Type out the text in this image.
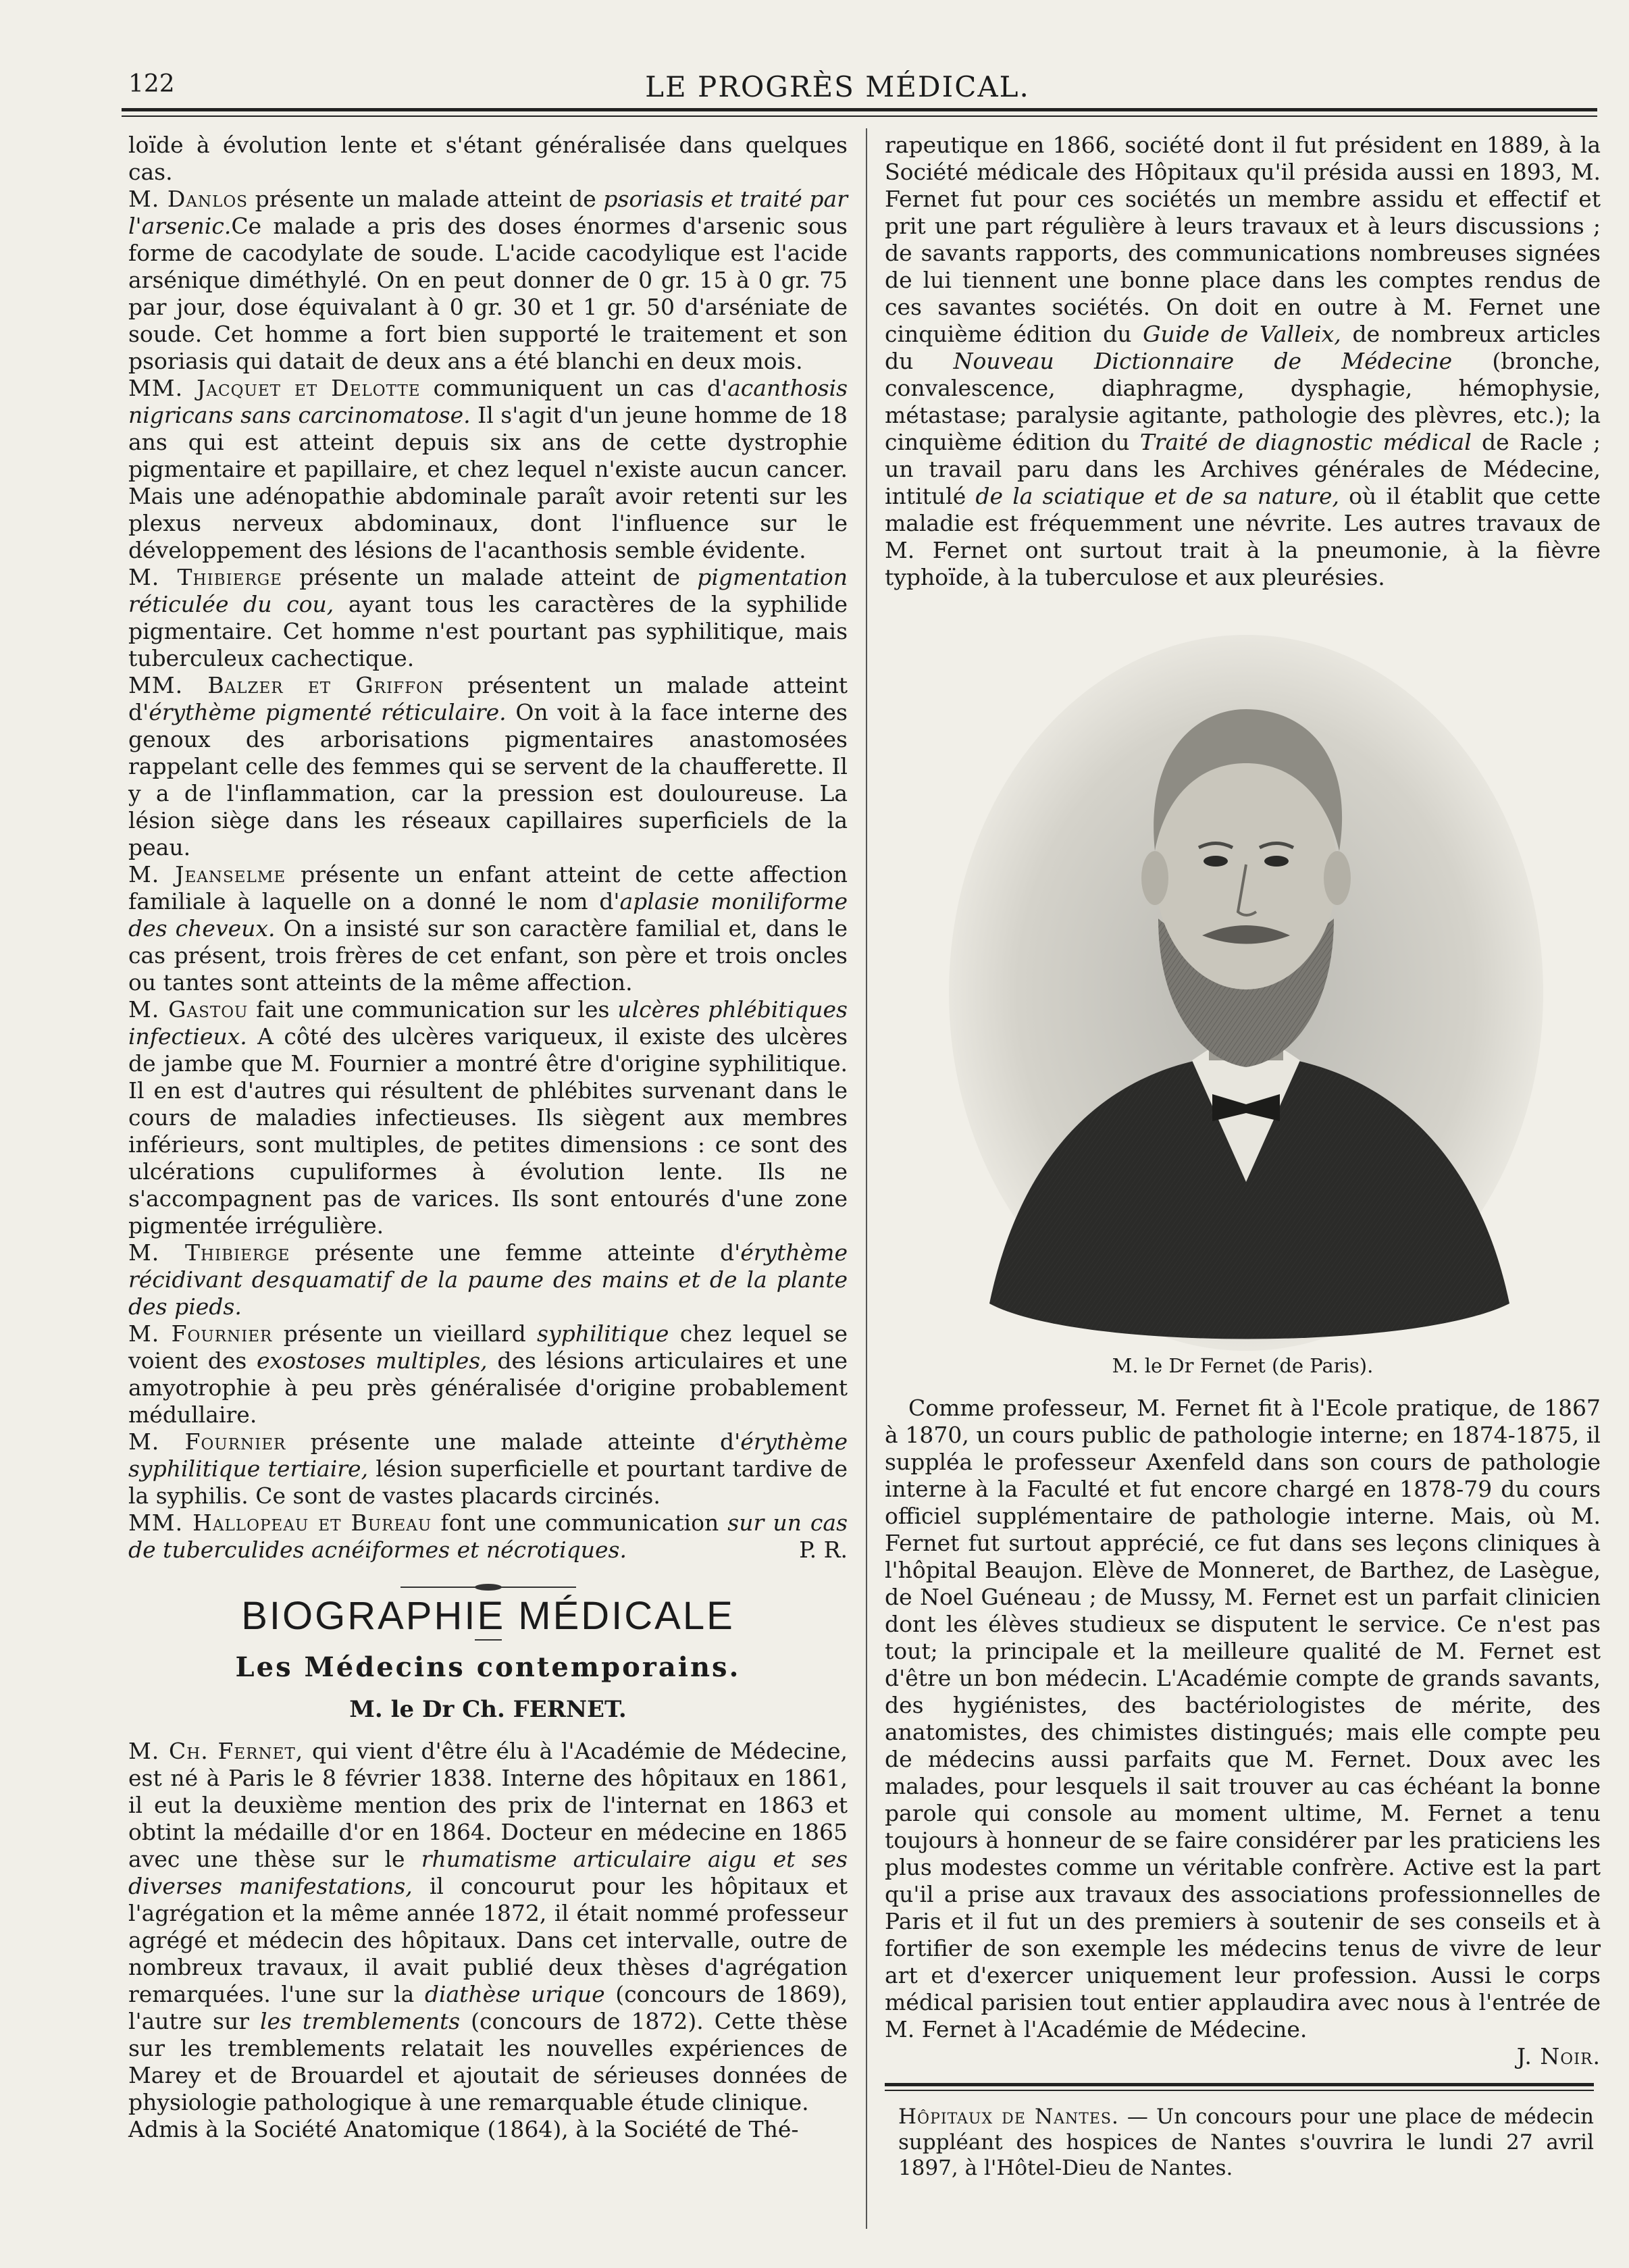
122	LE PROGRÈS MÉDICAL.

loïde à évolution lente et s'étant généralisée dans quelques cas.

M. Danlos présente un malade atteint de psoriasis et traité par l'arsenic.Ce malade a pris des doses énormes d'arsenic sous forme de cacodylate de soude. L'acide cacodylique est l'acide arsénique diméthylé. On en peut donner de 0 gr. 15 à 0 gr. 75 par jour, dose équivalant à 0 gr. 30 et 1 gr. 50 d'arséniate de soude. Cet homme a fort bien supporté le traitement et son psoriasis qui datait de deux ans a été blanchi en deux mois.

MM. Jacquet et Delotte communiquent un cas d'acanthosis nigricans sans carcinomatose. Il s'agit d'un jeune homme de 18 ans qui est atteint depuis six ans de cette dystrophie pigmentaire et papillaire, et chez lequel n'existe aucun cancer. Mais une adénopathie abdominale paraît avoir retenti sur les plexus nerveux abdominaux, dont l'influence sur le développement des lésions de l'acanthosis semble évidente.

M. Thibierge présente un malade atteint de pigmentation réticulée du cou, ayant tous les caractères de la syphilide pigmentaire. Cet homme n'est pourtant pas syphilitique, mais tuberculeux cachectique.

MM. Balzer et Griffon présentent un malade atteint d'érythème pigmenté réticulaire. On voit à la face interne des genoux des arborisations pigmentaires anastomosées rappelant celle des femmes qui se servent de la chaufferette. Il y a de l'inflammation, car la pression est douloureuse. La lésion siège dans les réseaux capillaires superficiels de la peau.

M. Jeanselme présente un enfant atteint de cette affection familiale à laquelle on a donné le nom d'aplasie moniliforme des cheveux. On a insisté sur son caractère familial et, dans le cas présent, trois frères de cet enfant, son père et trois oncles ou tantes sont atteints de la même affection.

M. Gastou fait une communication sur les ulcères phlébitiques infectieux. A côté des ulcères variqueux, il existe des ulcères de jambe que M. Fournier a montré être d'origine syphilitique. Il en est d'autres qui résultent de phlébites survenant dans le cours de maladies infectieuses. Ils siègent aux membres inférieurs, sont multiples, de petites dimensions : ce sont des ulcérations cupuliformes à évolution lente. Ils ne s'accompagnent pas de varices. Ils sont entourés d'une zone pigmentée irrégulière.

M. Thibierge présente une femme atteinte d'érythème récidivant desquamatif de la paume des mains et de la plante des pieds.

M. Fournier présente un vieillard syphilitique chez lequel se voient des exostoses multiples, des lésions articulaires et une amyotrophie à peu près généralisée d'origine probablement médullaire.

M. Fournier présente une malade atteinte d'érythème syphilitique tertiaire, lésion superficielle et pourtant tardive de la syphilis. Ce sont de vastes placards circinés.

MM. Hallopeau et Bureau font une communication sur un cas de tuberculides acnéiformes et nécrotiques.	P. R.

BIOGRAPHIE MÉDICALE
Les Médecins contemporains.
M. le Dr Ch. FERNET.

M. Ch. Fernet, qui vient d'être élu à l'Académie de Médecine, est né à Paris le 8 février 1838. Interne des hôpitaux en 1861, il eut la deuxième mention des prix de l'internat en 1863 et obtint la médaille d'or en 1864. Docteur en médecine en 1865 avec une thèse sur le rhumatisme articulaire aigu et ses diverses manifestations, il concourut pour les hôpitaux et l'agrégation et la même année 1872, il était nommé professeur agrégé et médecin des hôpitaux. Dans cet intervalle, outre de nombreux travaux, il avait publié deux thèses d'agrégation remarquées. l'une sur la diathèse urique (concours de 1869), l'autre sur les tremblements (concours de 1872). Cette thèse sur les tremblements relatait les nouvelles expériences de Marey et de Brouardel et ajoutait de sérieuses données de physiologie pathologique à une remarquable étude clinique.

Admis à la Société Anatomique (1864), à la Société de Thé-

rapeutique en 1866, société dont il fut président en 1889, à la Société médicale des Hôpitaux qu'il présida aussi en 1893, M. Fernet fut pour ces sociétés un membre assidu et effectif et prit une part régulière à leurs travaux et à leurs discussions ; de savants rapports, des communications nombreuses signées de lui tiennent une bonne place dans les comptes rendus de ces savantes sociétés. On doit en outre à M. Fernet une cinquième édition du Guide de Valleix, de nombreux articles du Nouveau Dictionnaire de Médecine (bronche, convalescence, diaphragme, dysphagie, hémophysie, métastase; paralysie agitante, pathologie des plèvres, etc.); la cinquième édition du Traité de diagnostic médical de Racle ; un travail paru dans les Archives générales de Médecine, intitulé de la sciatique et de sa nature, où il établit que cette maladie est fréquemment une névrite. Les autres travaux de M. Fernet ont surtout trait à la pneumonie, à la fièvre typhoïde, à la tuberculose et aux pleurésies.

M. le Dr Fernet (de Paris).

Comme professeur, M. Fernet fit à l'Ecole pratique, de 1867 à 1870, un cours public de pathologie interne; en 1874-1875, il suppléa le professeur Axenfeld dans son cours de pathologie interne à la Faculté et fut encore chargé en 1878-79 du cours officiel supplémentaire de pathologie interne. Mais, où M. Fernet fut surtout apprécié, ce fut dans ses leçons cliniques à l'hôpital Beaujon. Elève de Monneret, de Barthez, de Lasègue, de Noel Guéneau ; de Mussy, M. Fernet est un parfait clinicien dont les élèves studieux se disputent le service. Ce n'est pas tout; la principale et la meilleure qualité de M. Fernet est d'être un bon médecin. L'Académie compte de grands savants, des hygiénistes, des bactériologistes de mérite, des anatomistes, des chimistes distingués; mais elle compte peu de médecins aussi parfaits que M. Fernet. Doux avec les malades, pour lesquels il sait trouver au cas échéant la bonne parole qui console au moment ultime, M. Fernet a tenu toujours à honneur de se faire considérer par les praticiens les plus modestes comme un véritable confrère. Active est la part qu'il a prise aux travaux des associations professionnelles de Paris et il fut un des premiers à soutenir de ses conseils et à fortifier de son exemple les médecins tenus de vivre de leur art et d'exercer uniquement leur profession. Aussi le corps médical parisien tout entier applaudira avec nous à l'entrée de M. Fernet à l'Académie de Médecine.

J. Noir.

Hôpitaux de Nantes. — Un concours pour une place de médecin suppléant des hospices de Nantes s'ouvrira le lundi 27 avril 1897, à l'Hôtel-Dieu de Nantes.
